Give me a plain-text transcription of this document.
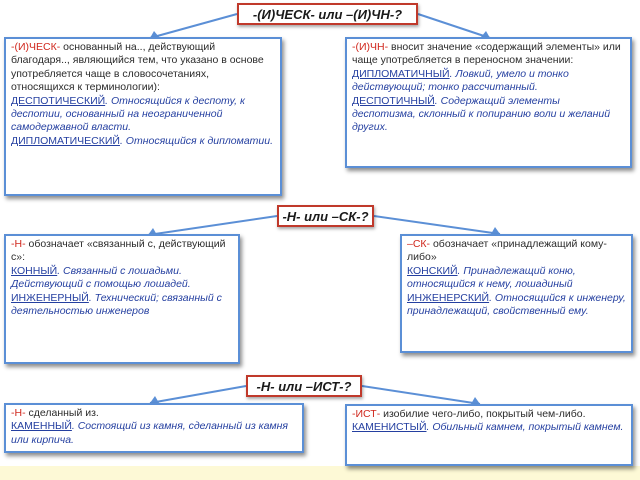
-(И)ЧЕСК- или –(И)ЧН-?

-(И)ЧЕСК- основанный на.., действующий благодаря.., являющийся тем, что указано в основе употребляется чаще в словосочетаниях, относящихся к терминологии):

ДЕСПОТИЧЕСКИЙ. Относящийся к деспоту, к деспотии, основанный на неограниченной самодержавной власти.

ДИПЛОМАТИЧЕСКИЙ. Относящийся к дипломатии.

-(И)ЧН- вносит значение «содержащий элементы» или чаще употребляется в переносном значении:

ДИПЛОМАТИЧНЫЙ. Ловкий, умело и тонко действующий; тонко рассчитанный.

ДЕСПОТИЧНЫЙ. Содержащий элементы деспотизма, склонный к попиранию воли и желаний других.

-Н- или –СК-?

-Н- обозначает «связанный с, действующий с»:

КОННЫЙ. Связанный с лошадьми. Действующий с помощью лошадей.

ИНЖЕНЕРНЫЙ. Технический; связанный с деятельностью инженеров

–СК- обозначает «принадлежащий кому-либо»

КОНСКИЙ. Принадлежащий коню, относящийся к нему, лошадиный

ИНЖЕНЕРСКИЙ. Относящийся к инженеру, принадлежащий, свойственный ему.

-Н- или –ИСТ-?

-Н- сделанный из.

КАМЕННЫЙ. Состоящий из камня, сделанный из камня или кирпича.

-ИСТ- изобилие чего-либо, покрытый чем-либо.

КАМЕНИСТЫЙ. Обильный камнем, покрытый камнем.
